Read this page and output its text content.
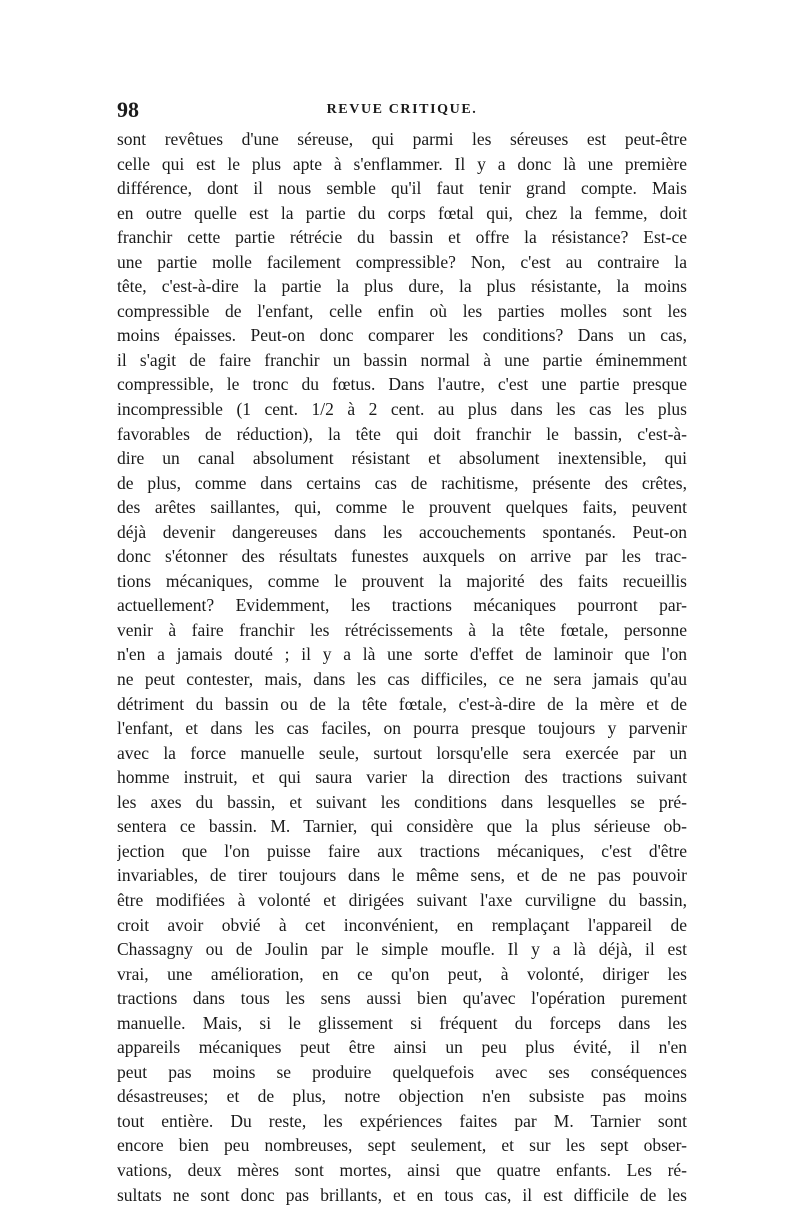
98	REVUE CRITIQUE.
sont revêtues d'une séreuse, qui parmi les séreuses est peut-être
celle qui est le plus apte à s'enflammer. Il y a donc là une première
différence, dont il nous semble qu'il faut tenir grand compte. Mais
en outre quelle est la partie du corps fœtal qui, chez la femme, doit
franchir cette partie rétrécie du bassin et offre la résistance? Est-ce
une partie molle facilement compressible? Non, c'est au contraire la
tête, c'est-à-dire la partie la plus dure, la plus résistante, la moins
compressible de l'enfant, celle enfin où les parties molles sont les
moins épaisses. Peut-on donc comparer les conditions? Dans un cas,
il s'agit de faire franchir un bassin normal à une partie éminemment
compressible, le tronc du fœtus. Dans l'autre, c'est une partie presque
incompressible (1 cent. 1/2 à 2 cent. au plus dans les cas les plus
favorables de réduction), la tête qui doit franchir le bassin, c'est-à-
dire un canal absolument résistant et absolument inextensible, qui
de plus, comme dans certains cas de rachitisme, présente des crêtes,
des arêtes saillantes, qui, comme le prouvent quelques faits, peuvent
déjà devenir dangereuses dans les accouchements spontanés. Peut-on
donc s'étonner des résultats funestes auxquels on arrive par les trac-
tions mécaniques, comme le prouvent la majorité des faits recueillis
actuellement? Evidemment, les tractions mécaniques pourront par-
venir à faire franchir les rétrécissements à la tête fœtale, personne
n'en a jamais douté ; il y a là une sorte d'effet de laminoir que l'on
ne peut contester, mais, dans les cas difficiles, ce ne sera jamais qu'au
détriment du bassin ou de la tête fœtale, c'est-à-dire de la mère et de
l'enfant, et dans les cas faciles, on pourra presque toujours y parvenir
avec la force manuelle seule, surtout lorsqu'elle sera exercée par un
homme instruit, et qui saura varier la direction des tractions suivant
les axes du bassin, et suivant les conditions dans lesquelles se pré-
sentera ce bassin. M. Tarnier, qui considère que la plus sérieuse ob-
jection que l'on puisse faire aux tractions mécaniques, c'est d'être
invariables, de tirer toujours dans le même sens, et de ne pas pouvoir
être modifiées à volonté et dirigées suivant l'axe curviligne du bassin,
croit avoir obvié à cet inconvénient, en remplaçant l'appareil de
Chassagny ou de Joulin par le simple moufle. Il y a là déjà, il est
vrai, une amélioration, en ce qu'on peut, à volonté, diriger les
tractions dans tous les sens aussi bien qu'avec l'opération purement
manuelle. Mais, si le glissement si fréquent du forceps dans les
appareils mécaniques peut être ainsi un peu plus évité, il n'en
peut pas moins se produire quelquefois avec ses conséquences
désastreuses; et de plus, notre objection n'en subsiste pas moins
tout entière. Du reste, les expériences faites par M. Tarnier sont
encore bien peu nombreuses, sept seulement, et sur les sept obser-
vations, deux mères sont mortes, ainsi que quatre enfants. Les ré-
sultats ne sont donc pas brillants, et en tous cas, il est difficile de les
